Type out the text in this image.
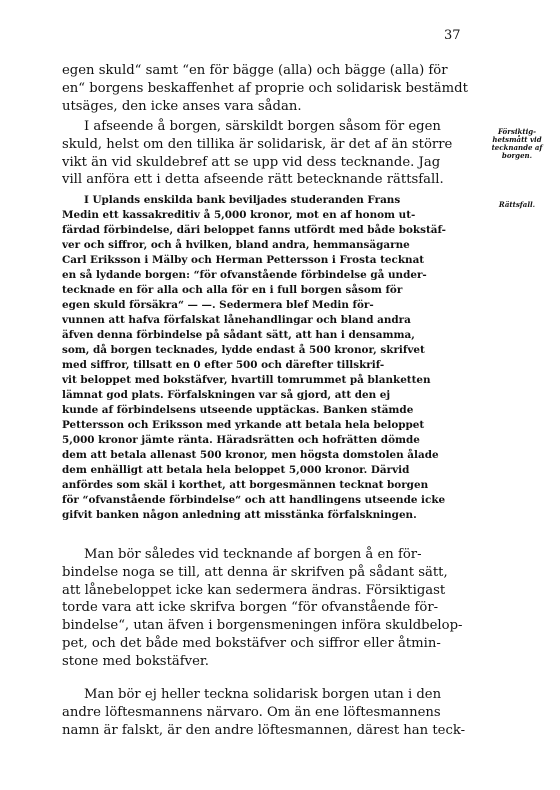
37
Försiktig-hetsmått vid tecknande af borgen.
Rättsfall.
egen skuld“ samt “en för bägge (alla) och bägge (alla) för
en“ borgens beskaffenhet af proprie och solidarisk bestämdt
utsäges, den icke anses vara sådan.
I afseende å borgen, särskildt borgen såsom för egen
skuld, helst om den tillika är solidarisk, är det af än större
vikt än vid skuldebref att se upp vid dess tecknande. Jag
vill anföra ett i detta afseende rätt betecknande rättsfall.
I Uplands enskilda bank beviljades studeranden Frans
Medin ett kassakreditiv å 5,000 kronor, mot en af honom ut-
färdad förbindelse, däri beloppet fanns utfördt med både bokstäf-
ver och siffror, och å hvilken, bland andra, hemmansägarne
Carl Eriksson i Mälby och Herman Pettersson i Frosta tecknat
en så lydande borgen: “för ofvanstående förbindelse gå under-
tecknade en för alla och alla för en i full borgen såsom för
egen skuld försäkra“ — —. Sedermera blef Medin för-
vunnen att hafva förfalskat lånehandlingar och bland andra
äfven denna förbindelse på sådant sätt, att han i densamma,
som, då borgen tecknades, lydde endast å 500 kronor, skrifvet
med siffror, tillsatt en 0 efter 500 och därefter tillskrif-
vit beloppet med bokstäfver, hvartill tomrummet på blanketten
lämnat god plats. Förfalskningen var så gjord, att den ej
kunde af förbindelsens utseende upptäckas. Banken stämde
Pettersson och Eriksson med yrkande att betala hela beloppet
5,000 kronor jämte ränta. Häradsrätten och hofrätten dömde
dem att betala allenast 500 kronor, men högsta domstolen ålade
dem enhälligt att betala hela beloppet 5,000 kronor. Därvid
anfördes som skäl i korthet, att borgesmännen tecknat borgen
för “ofvanstående förbindelse“ och att handlingens utseende icke
gifvit banken någon anledning att misstänka förfalskningen.
Man bör således vid tecknande af borgen å en för-
bindelse noga se till, att denna är skrifven på sådant sätt,
att lånebeloppet icke kan sedermera ändras. Försiktigast
torde vara att icke skrifva borgen “för ofvanstående för-
bindelse“, utan äfven i borgensmeningen införa skuldbelop-
pet, och det både med bokstäfver och siffror eller åtmin-
stone med bokstäfver.
Man bör ej heller teckna solidarisk borgen utan i den
andre löftesmannens närvaro. Om än ene löftesmannens
namn är falskt, är den andre löftesmannen, därest han teck-
